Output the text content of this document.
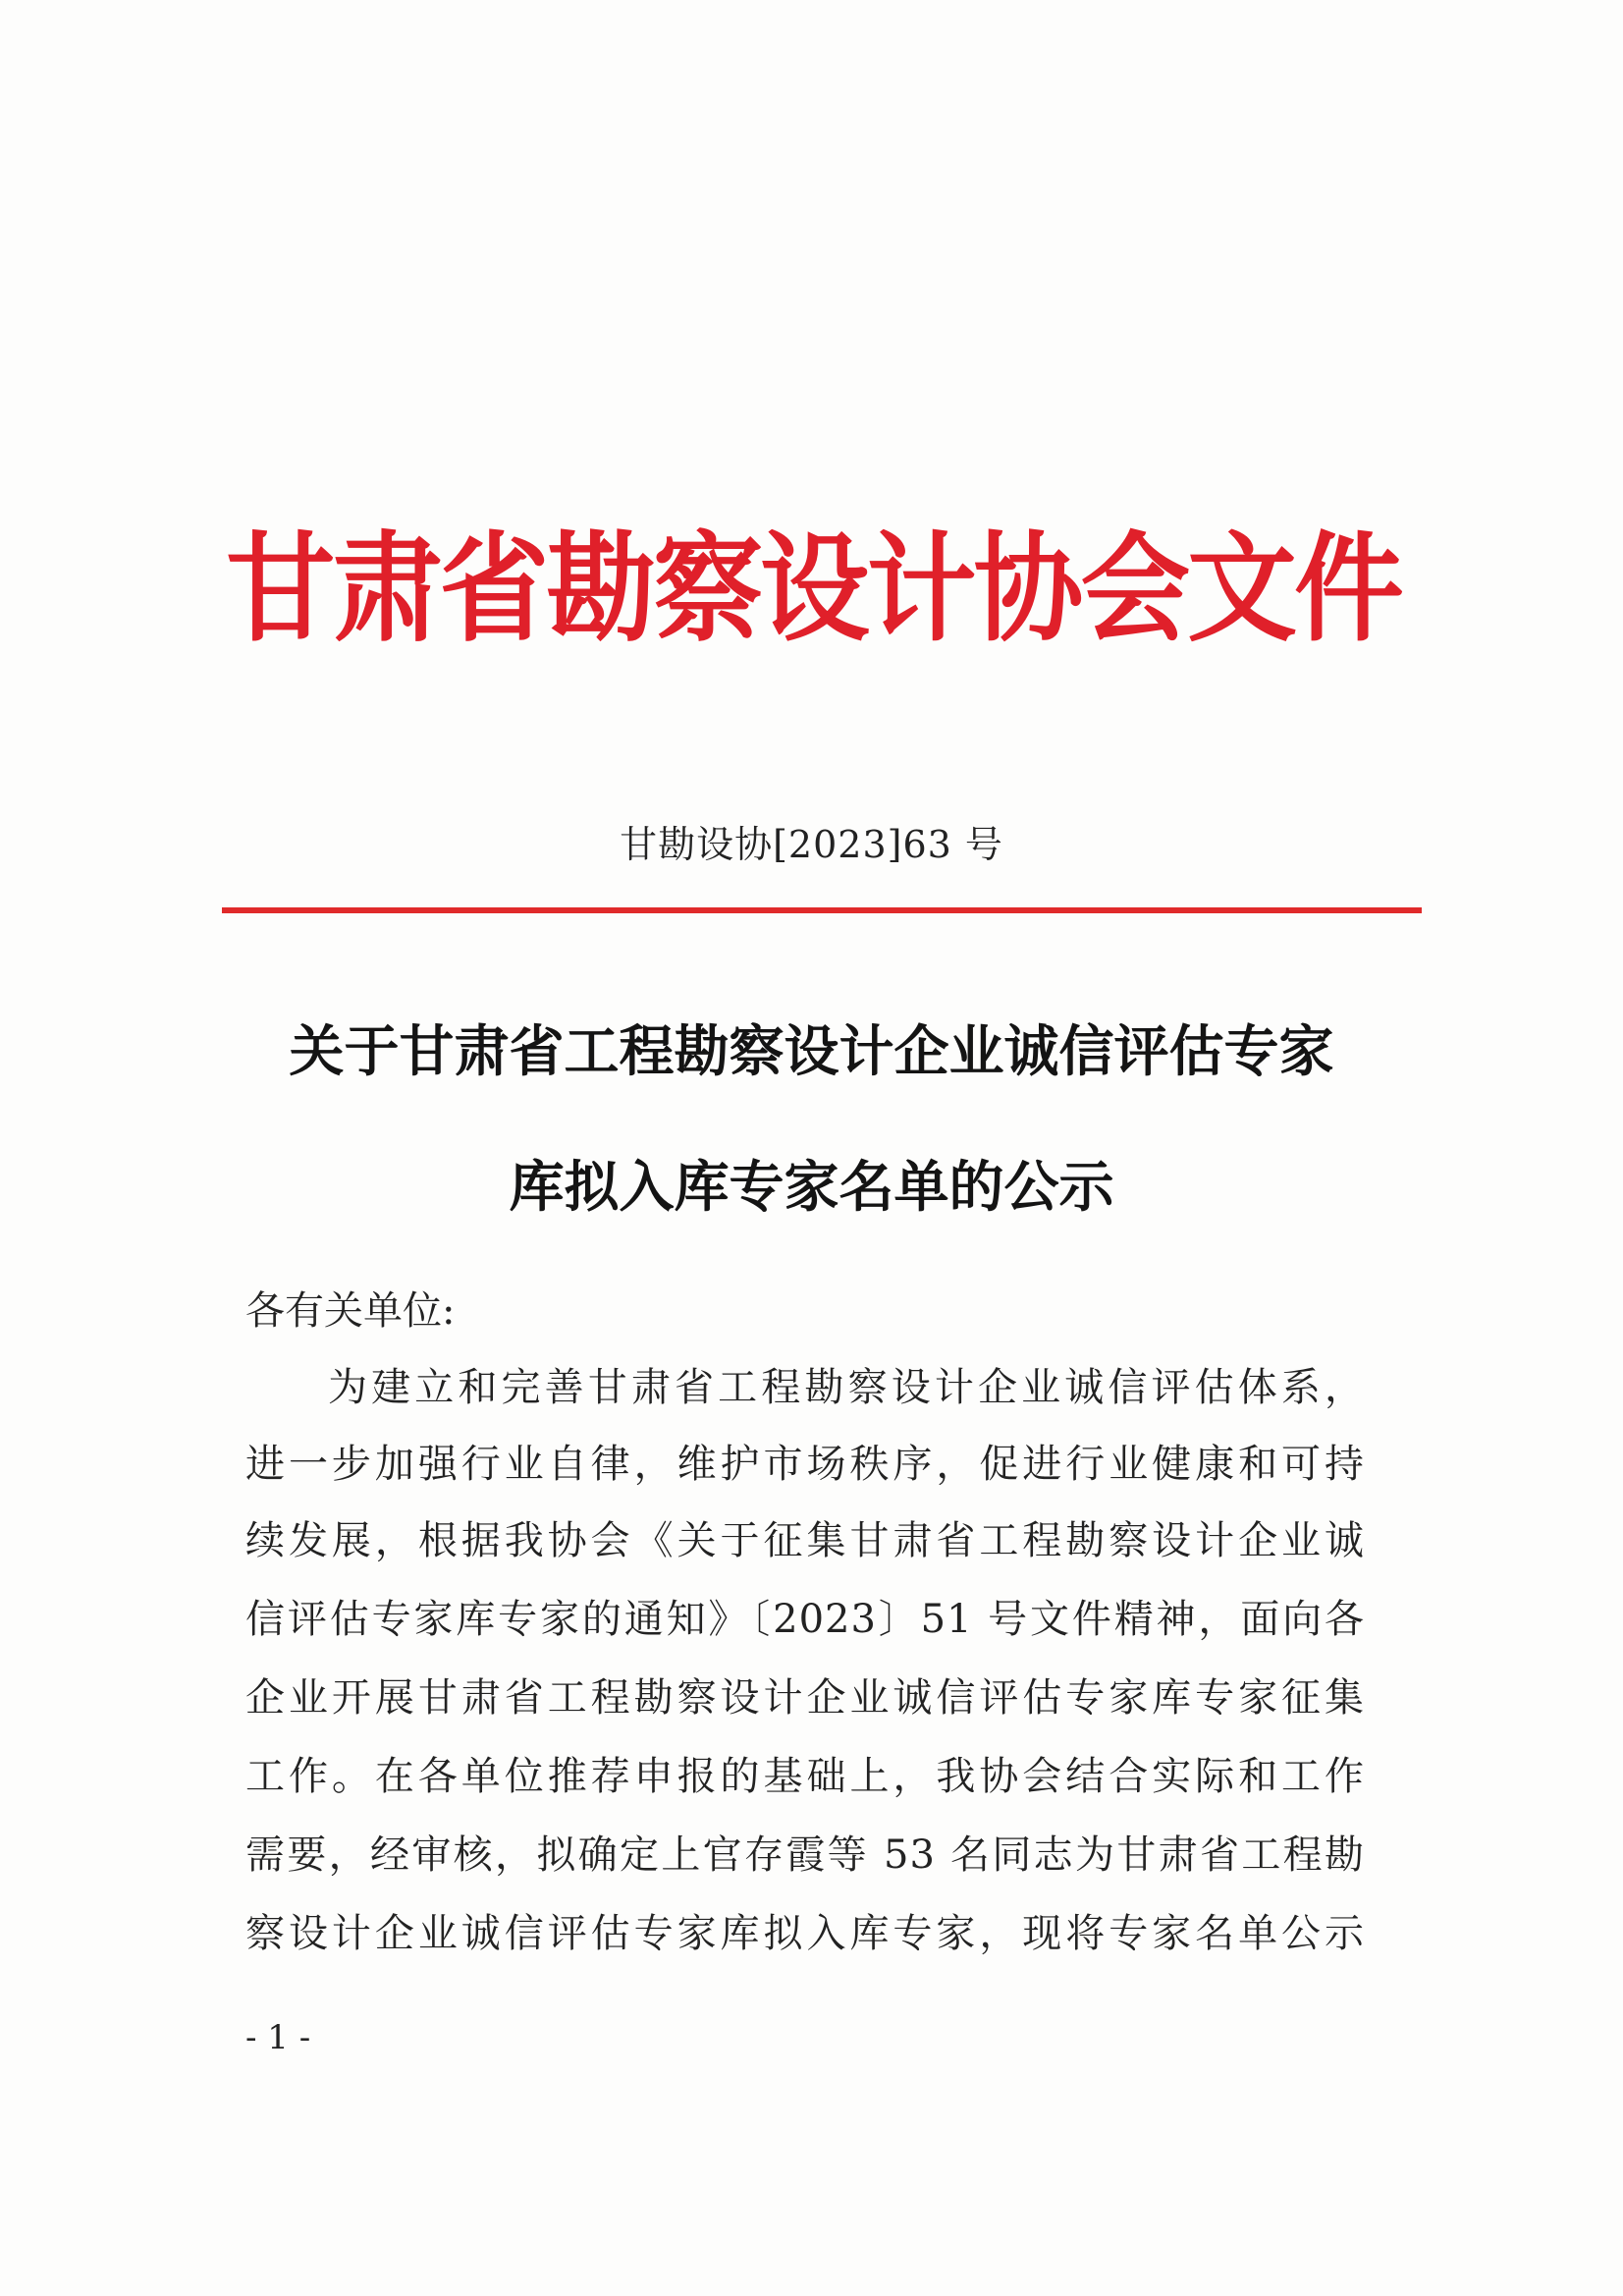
甘肃省勘察设计协会文件
甘勘设协[2023]63 号
关于甘肃省工程勘察设计企业诚信评估专家
库拟入库专家名单的公示
各有关单位:
为建立和完善甘肃省工程勘察设计企业诚信评估体系，
进一步加强行业自律，维护市场秩序，促进行业健康和可持
续发展，根据我协会《关于征集甘肃省工程勘察设计企业诚
信评估专家库专家的通知》〔2023〕51 号文件精神，面向各
企业开展甘肃省工程勘察设计企业诚信评估专家库专家征集
工作。在各单位推荐申报的基础上，我协会结合实际和工作
需要，经审核，拟确定上官存霞等 53 名同志为甘肃省工程勘
察设计企业诚信评估专家库拟入库专家，现将专家名单公示
- 1 -
